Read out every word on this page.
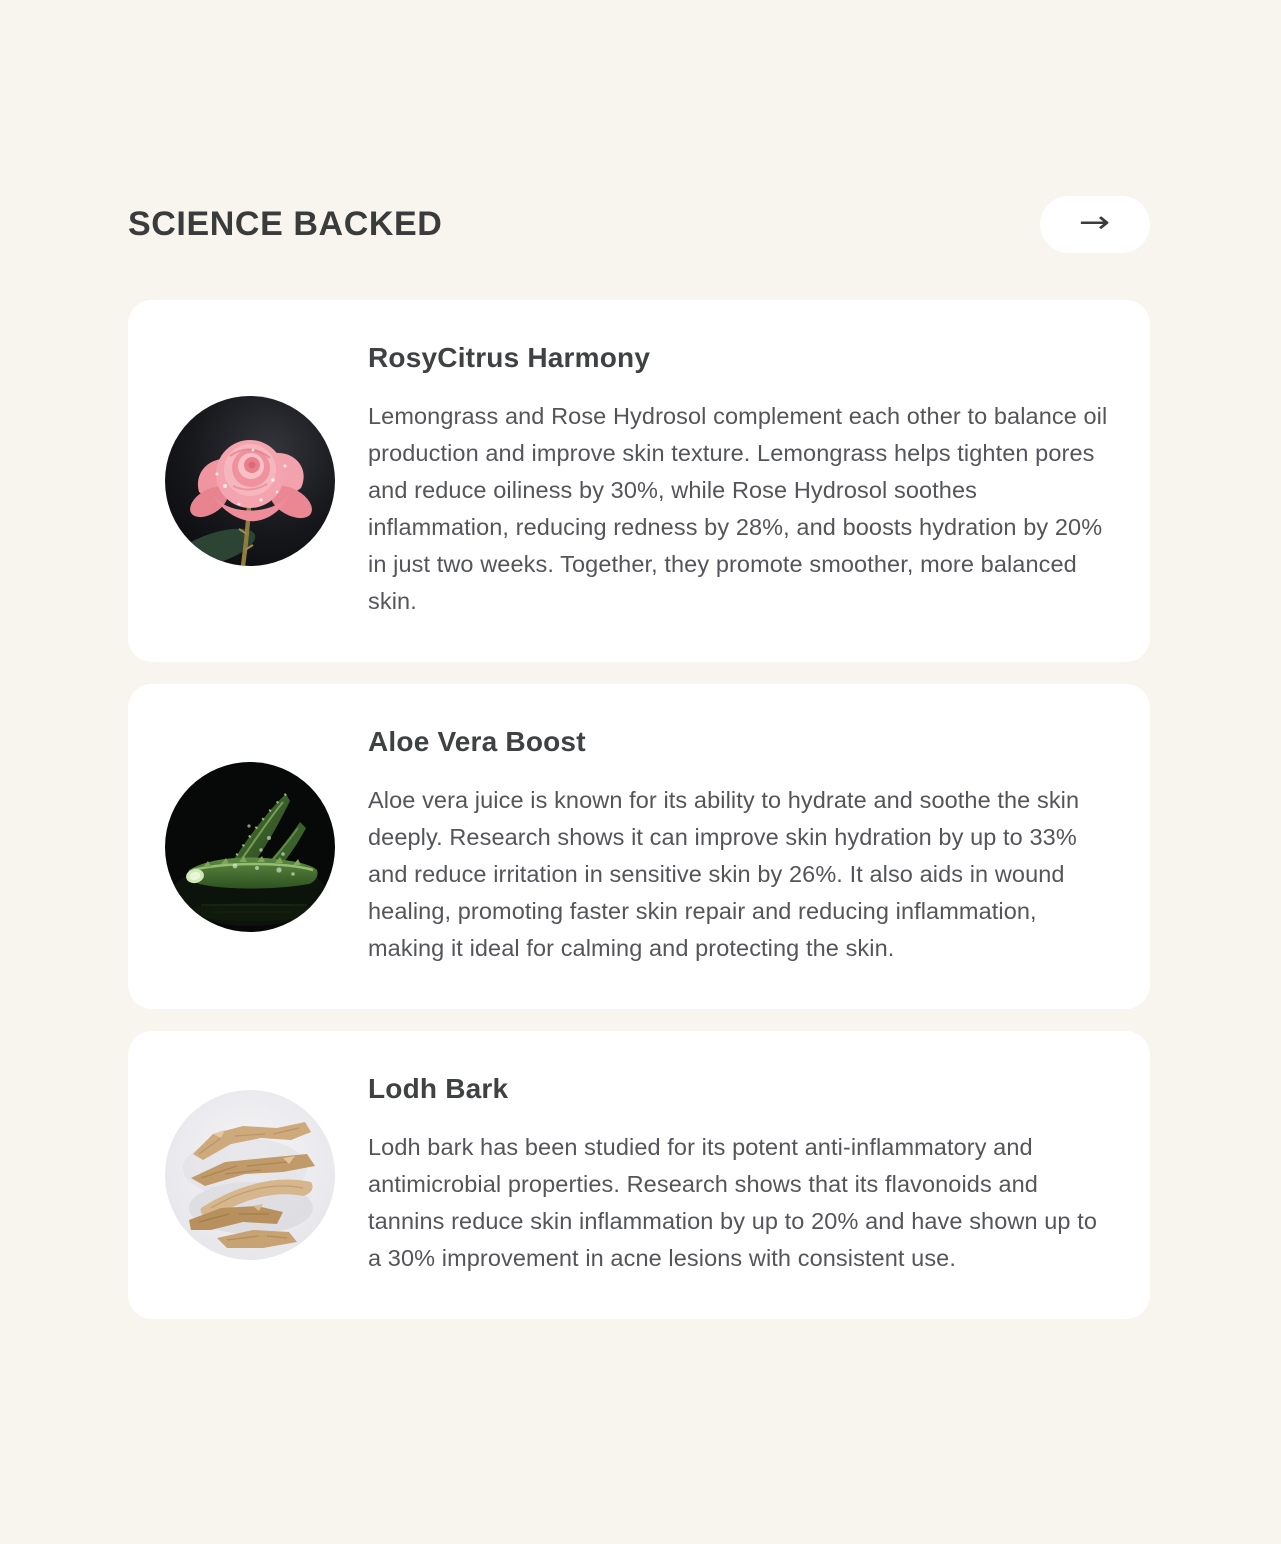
SCIENCE BACKED	→
RosyCitrus Harmony

Lemongrass and Rose Hydrosol complement each other to balance oil production and improve skin texture. Lemongrass helps tighten pores and reduce oiliness by 30%, while Rose Hydrosol soothes inflammation, reducing redness by 28%, and boosts hydration by 20% in just two weeks. Together, they promote smoother, more balanced skin.

Aloe Vera Boost

Aloe vera juice is known for its ability to hydrate and soothe the skin deeply. Research shows it can improve skin hydration by up to 33% and reduce irritation in sensitive skin by 26%. It also aids in wound healing, promoting faster skin repair and reducing inflammation, making it ideal for calming and protecting the skin.

Lodh Bark

Lodh bark has been studied for its potent anti-inflammatory and antimicrobial properties. Research shows that its flavonoids and tannins reduce skin inflammation by up to 20% and have shown up to a 30% improvement in acne lesions with consistent use.
